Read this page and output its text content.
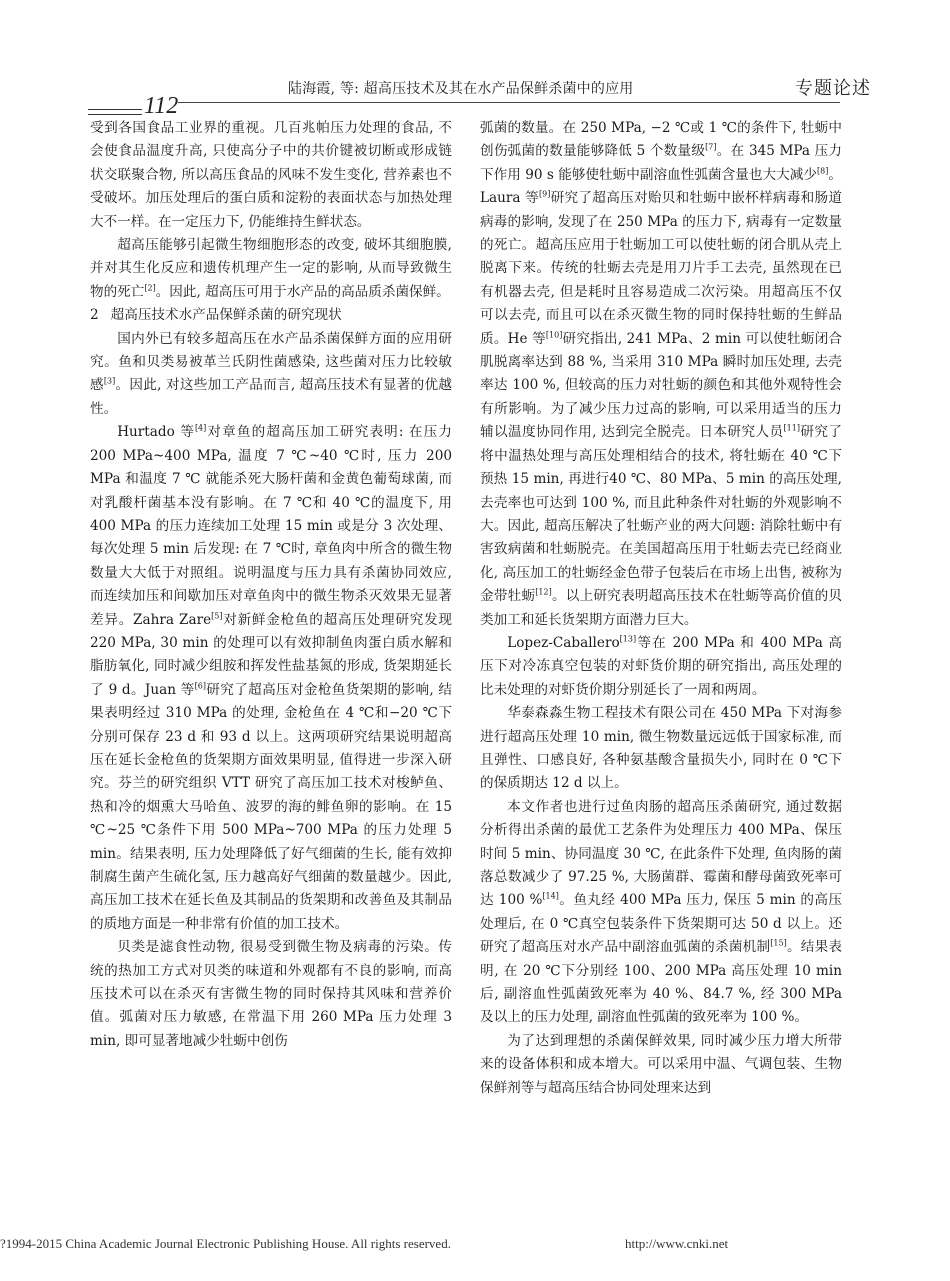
陆海霞, 等: 超高压技术及其在水产品保鲜杀菌中的应用	专题论述
112

受到各国食品工业界的重视。几百兆帕压力处理的食品, 不会使食品温度升高, 只使高分子中的共价键被切断或形成链状交联聚合物, 所以高压食品的风味不发生变化, 营养素也不受破坏。加压处理后的蛋白质和淀粉的表面状态与加热处理大不一样。在一定压力下, 仍能维持生鲜状态。

超高压能够引起微生物细胞形态的改变, 破坏其细胞膜, 并对其生化反应和遗传机理产生一定的影响, 从而导致微生物的死亡[2]。因此, 超高压可用于水产品的高品质杀菌保鲜。

2 超高压技术水产品保鲜杀菌的研究现状

国内外已有较多超高压在水产品杀菌保鲜方面的应用研究。鱼和贝类易被革兰氏阴性菌感染, 这些菌对压力比较敏感[3]。因此, 对这些加工产品而言, 超高压技术有显著的优越性。

Hurtado 等[4]对章鱼的超高压加工研究表明: 在压力 200 MPa~400 MPa, 温度 7 ℃~40 ℃时, 压力 200 MPa 和温度 7 ℃ 就能杀死大肠杆菌和金黄色葡萄球菌, 而对乳酸杆菌基本没有影响。在 7 ℃和 40 ℃的温度下, 用 400 MPa 的压力连续加工处理 15 min 或是分 3 次处理、每次处理 5 min 后发现: 在 7 ℃时, 章鱼肉中所含的微生物数量大大低于对照组。说明温度与压力具有杀菌协同效应, 而连续加压和间歇加压对章鱼肉中的微生物杀灭效果无显著差异。Zahra Zare[5]对新鲜金枪鱼的超高压处理研究发现 220 MPa, 30 min 的处理可以有效抑制鱼肉蛋白质水解和脂肪氧化, 同时减少组胺和挥发性盐基氮的形成, 货架期延长了 9 d。Juan 等[6]研究了超高压对金枪鱼货架期的影响, 结果表明经过 310 MPa 的处理, 金枪鱼在 4 ℃和−20 ℃下分别可保存 23 d 和 93 d 以上。这两项研究结果说明超高压在延长金枪鱼的货架期方面效果明显, 值得进一步深入研究。芬兰的研究组织 VTT 研究了高压加工技术对梭鲈鱼、热和冷的烟熏大马哈鱼、波罗的海的鲱鱼卵的影响。在 15 ℃~25 ℃条件下用 500 MPa~700 MPa 的压力处理 5 min。结果表明, 压力处理降低了好气细菌的生长, 能有效抑制腐生菌产生硫化氢, 压力越高好气细菌的数量越少。因此, 高压加工技术在延长鱼及其制品的货架期和改善鱼及其制品的质地方面是一种非常有价值的加工技术。

贝类是滤食性动物, 很易受到微生物及病毒的污染。传统的热加工方式对贝类的味道和外观都有不良的影响, 而高压技术可以在杀灭有害微生物的同时保持其风味和营养价值。弧菌对压力敏感, 在常温下用 260 MPa 压力处理 3 min, 即可显著地减少牡蛎中创伤

弧菌的数量。在 250 MPa, −2 ℃或 1 ℃的条件下, 牡蛎中创伤弧菌的数量能够降低 5 个数量级[7]。在 345 MPa 压力下作用 90 s 能够使牡蛎中副溶血性弧菌含量也大大减少[8]。Laura 等[9]研究了超高压对贻贝和牡蛎中嵌杯样病毒和肠道病毒的影响, 发现了在 250 MPa 的压力下, 病毒有一定数量的死亡。超高压应用于牡蛎加工可以使牡蛎的闭合肌从壳上脱离下来。传统的牡蛎去壳是用刀片手工去壳, 虽然现在已有机器去壳, 但是耗时且容易造成二次污染。用超高压不仅可以去壳, 而且可以在杀灭微生物的同时保持牡蛎的生鲜品质。He 等[10]研究指出, 241 MPa、2 min 可以使牡蛎闭合肌脱离率达到 88 %, 当采用 310 MPa 瞬时加压处理, 去壳率达 100 %, 但较高的压力对牡蛎的颜色和其他外观特性会有所影响。为了减少压力过高的影响, 可以采用适当的压力辅以温度协同作用, 达到完全脱壳。日本研究人员[11]研究了将中温热处理与高压处理相结合的技术, 将牡蛎在 40 ℃下预热 15 min, 再进行40 ℃、80 MPa、5 min 的高压处理, 去壳率也可达到 100 %, 而且此种条件对牡蛎的外观影响不大。因此, 超高压解决了牡蛎产业的两大问题: 消除牡蛎中有害致病菌和牡蛎脱壳。在美国超高压用于牡蛎去壳已经商业化, 高压加工的牡蛎经金色带子包装后在市场上出售, 被称为金带牡蛎[12]。以上研究表明超高压技术在牡蛎等高价值的贝类加工和延长货架期方面潜力巨大。

Lopez-Caballero[13]等在 200 MPa 和 400 MPa 高压下对冷冻真空包装的对虾货价期的研究指出, 高压处理的比未处理的对虾货价期分别延长了一周和两周。

华泰森淼生物工程技术有限公司在 450 MPa 下对海参进行超高压处理 10 min, 微生物数量远远低于国家标准, 而且弹性、口感良好, 各种氨基酸含量损失小, 同时在 0 ℃下的保质期达 12 d 以上。

本文作者也进行过鱼肉肠的超高压杀菌研究, 通过数据分析得出杀菌的最优工艺条件为处理压力 400 MPa、保压时间 5 min、协同温度 30 ℃, 在此条件下处理, 鱼肉肠的菌落总数减少了 97.25 %, 大肠菌群、霉菌和酵母菌致死率可达 100 %[14]。鱼丸经 400 MPa 压力, 保压 5 min 的高压处理后, 在 0 ℃真空包装条件下货架期可达 50 d 以上。还研究了超高压对水产品中副溶血弧菌的杀菌机制[15]。结果表明, 在 20 ℃下分别经 100、200 MPa 高压处理 10 min 后, 副溶血性弧菌致死率为 40 %、84.7 %, 经 300 MPa 及以上的压力处理, 副溶血性弧菌的致死率为 100 %。

为了达到理想的杀菌保鲜效果, 同时减少压力增大所带来的设备体积和成本增大。可以采用中温、气调包装、生物保鲜剂等与超高压结合协同处理来达到

?1994-2015 China Academic Journal Electronic Publishing House. All rights reserved.	http://www.cnki.net
